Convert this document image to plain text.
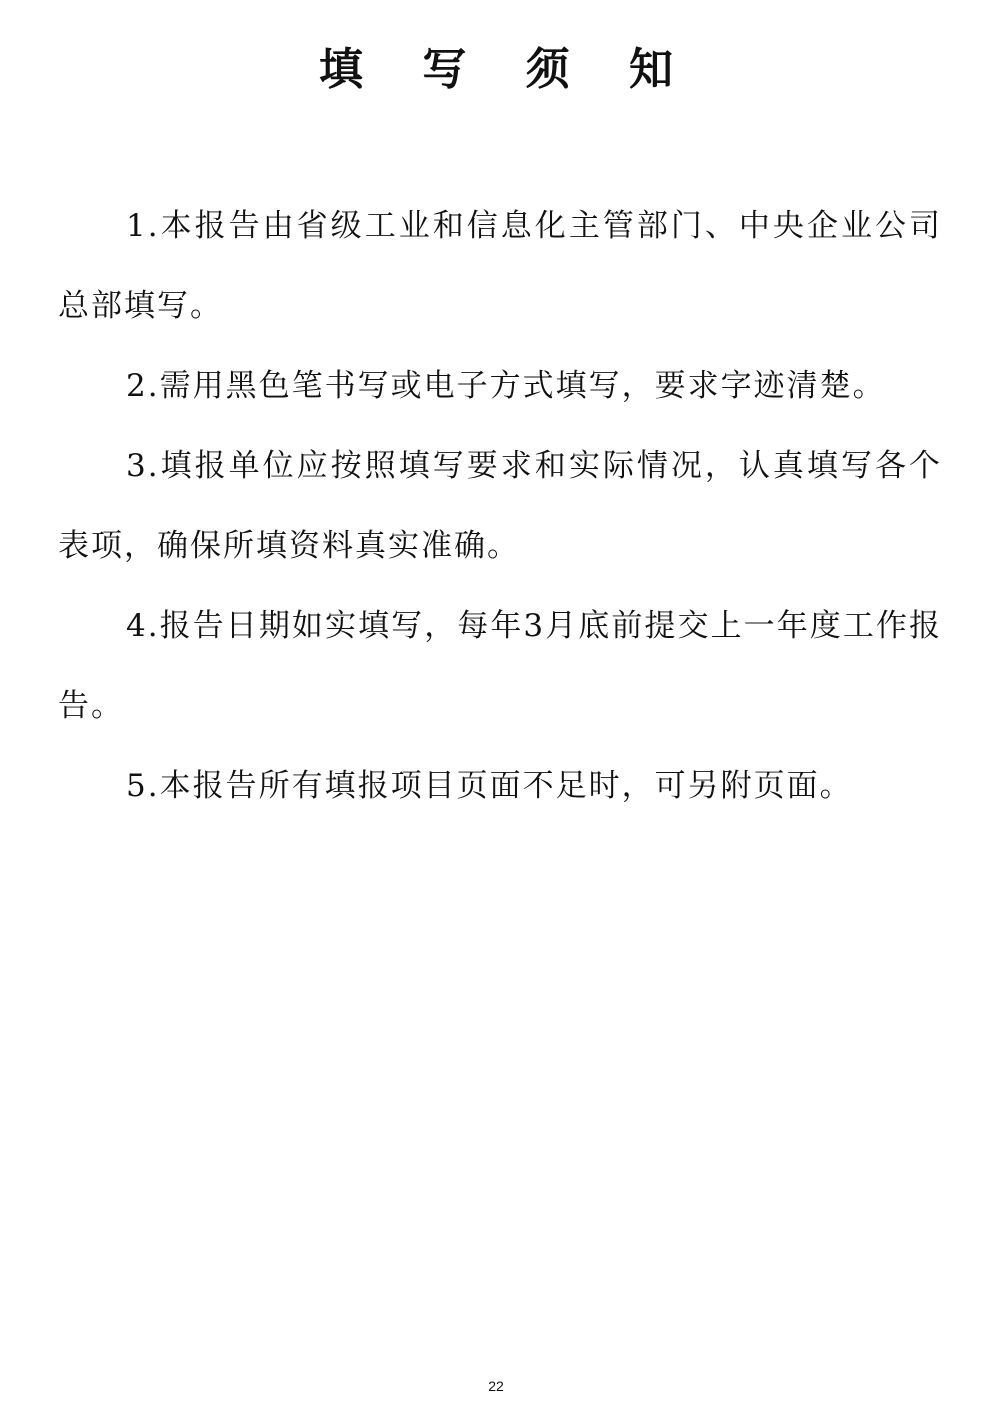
填 写 须 知

1.本报告由省级工业和信息化主管部门、中央企业公司总部填写。

2.需用黑色笔书写或电子方式填写，要求字迹清楚。

3.填报单位应按照填写要求和实际情况，认真填写各个表项，确保所填资料真实准确。

4.报告日期如实填写，每年3月底前提交上一年度工作报告。

5.本报告所有填报项目页面不足时，可另附页面。

22
